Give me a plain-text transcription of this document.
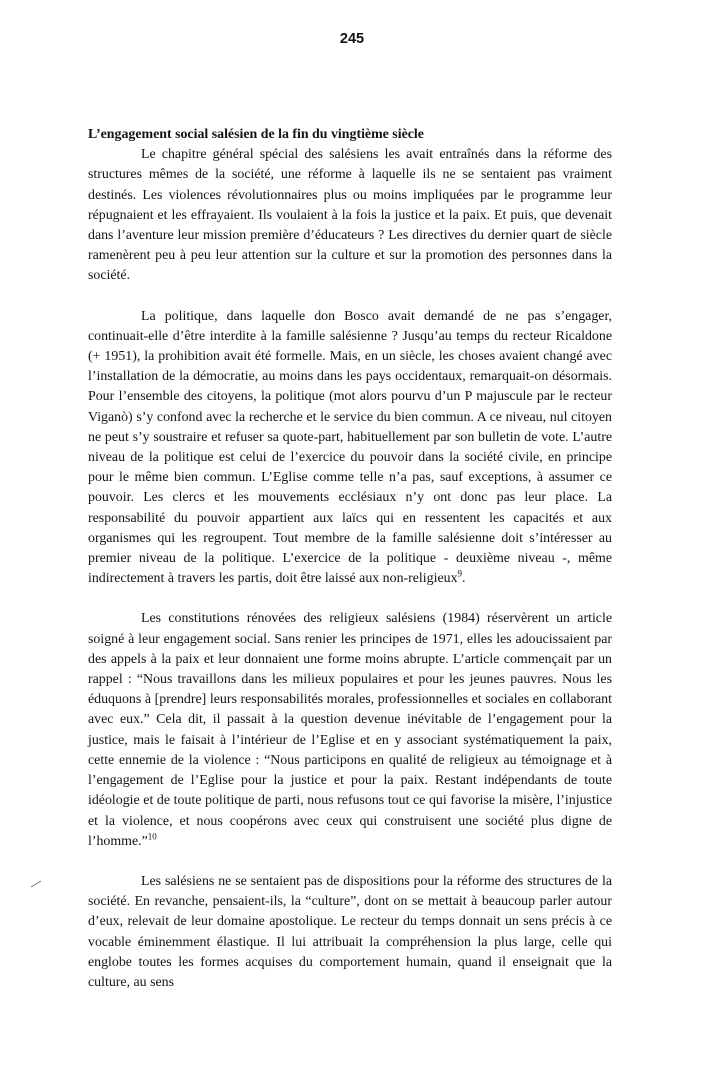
245

L’engagement social salésien de la fin du vingtième siècle

Le chapitre général spécial des salésiens les avait entraînés dans la réforme des structures mêmes de la société, une réforme à laquelle ils ne se sentaient pas vraiment destinés. Les violences révolutionnaires plus ou moins impliquées par le programme leur répugnaient et les effrayaient. Ils voulaient à la fois la justice et la paix. Et puis, que devenait dans l’aventure leur mission première d’éducateurs ? Les directives du dernier quart de siècle ramenèrent peu à peu leur attention sur la culture et sur la promotion des personnes dans la société.

La politique, dans laquelle don Bosco avait demandé de ne pas s’engager, continuait-elle d’être interdite à la famille salésienne ? Jusqu’au temps du recteur Ricaldone (+ 1951), la prohibition avait été formelle. Mais, en un siècle, les choses avaient changé avec l’installation de la démocratie, au moins dans les pays occidentaux, remarquait-on désormais. Pour l’ensemble des citoyens, la politique (mot alors pourvu d’un P majuscule par le recteur Viganò) s’y confond avec la recherche et le service du bien commun. A ce niveau, nul citoyen ne peut s’y soustraire et refuser sa quote-part, habituellement par son bulletin de vote. L’autre niveau de la politique est celui de l’exercice du pouvoir dans la société civile, en principe pour le même bien commun. L’Eglise comme telle n’a pas, sauf exceptions, à assumer ce pouvoir. Les clercs et les mouvements ecclésiaux n’y ont donc pas leur place. La responsabilité du pouvoir appartient aux laïcs qui en ressentent les capacités et aux organismes qui les regroupent. Tout membre de la famille salésienne doit s’intéresser au premier niveau de la politique. L’exercice de la politique - deuxième niveau -, même indirectement à travers les partis, doit être laissé aux non-religieux$^9$.

Les constitutions rénovées des religieux salésiens (1984) réservèrent un article soigné à leur engagement social. Sans renier les principes de 1971, elles les adoucissaient par des appels à la paix et leur donnaient une forme moins abrupte. L’article commençait par un rappel : “Nous travaillons dans les milieux populaires et pour les jeunes pauvres. Nous les éduquons à [prendre] leurs responsabilités morales, professionnelles et sociales en collaborant avec eux.” Cela dit, il passait à la question devenue inévitable de l’engagement pour la justice, mais le faisait à l’intérieur de l’Eglise et en y associant systématiquement la paix, cette ennemie de la violence : “Nous participons en qualité de religieux au témoignage et à l’engagement de l’Eglise pour la justice et pour la paix. Restant indépendants de toute idéologie et de toute politique de parti, nous refusons tout ce qui favorise la misère, l’injustice et la violence, et nous coopérons avec ceux qui construisent une société plus digne de l’homme.”$^{10}$

Les salésiens ne se sentaient pas de dispositions pour la réforme des structures de la société. En revanche, pensaient-ils, la “culture”, dont on se mettait à beaucoup parler autour d’eux, relevait de leur domaine apostolique. Le recteur du temps donnait un sens précis à ce vocable éminemment élastique. Il lui attribuait la compréhension la plus large, celle qui englobe toutes les formes acquises du comportement humain, quand il enseignait que la culture, au sens
